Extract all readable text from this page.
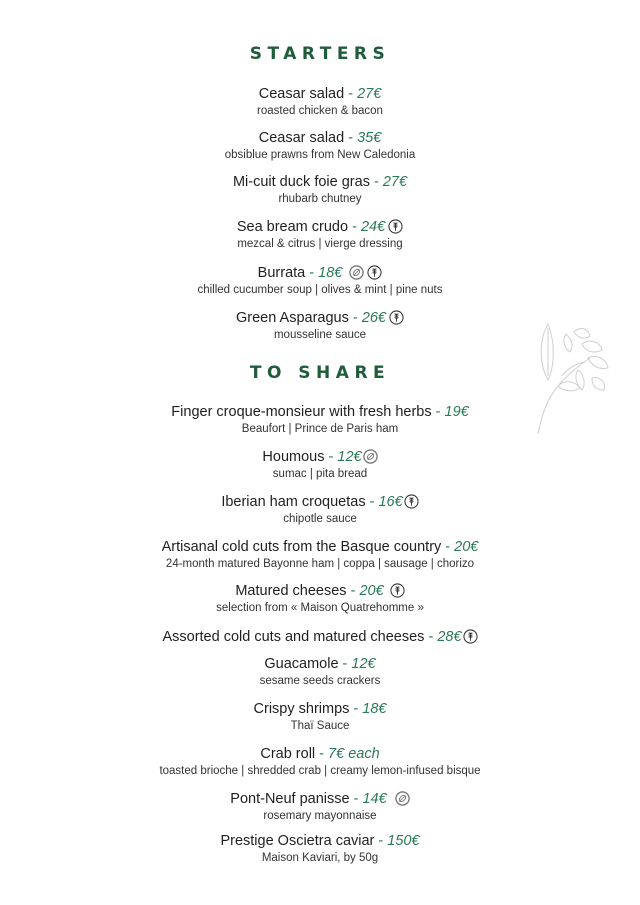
STARTERS
Ceasar salad - 27€
roasted chicken & bacon
Ceasar salad - 35€
obsiblue prawns from New Caledonia
Mi-cuit duck foie gras - 27€
rhubarb chutney
Sea bream crudo - 24€
mezcal & citrus | vierge dressing
Burrata - 18€
chilled cucumber soup | olives & mint | pine nuts
Green Asparagus - 26€
mousseline sauce
TO SHARE
Finger croque-monsieur with fresh herbs - 19€
Beaufort | Prince de Paris ham
Houmous - 12€
sumac | pita bread
Iberian ham croquetas - 16€
chipotle sauce
Artisanal cold cuts from the Basque country - 20€
24-month matured Bayonne ham | coppa | sausage | chorizo
Matured cheeses - 20€
selection from « Maison Quatrehomme »
Assorted cold cuts and matured cheeses - 28€
Guacamole - 12€
sesame seeds crackers
Crispy shrimps - 18€
Thaï Sauce
Crab roll - 7€ each
toasted brioche | shredded crab | creamy lemon-infused bisque
Pont-Neuf panisse - 14€
rosemary mayonnaise
Prestige Oscietra caviar - 150€
Maison Kaviari, by 50g
